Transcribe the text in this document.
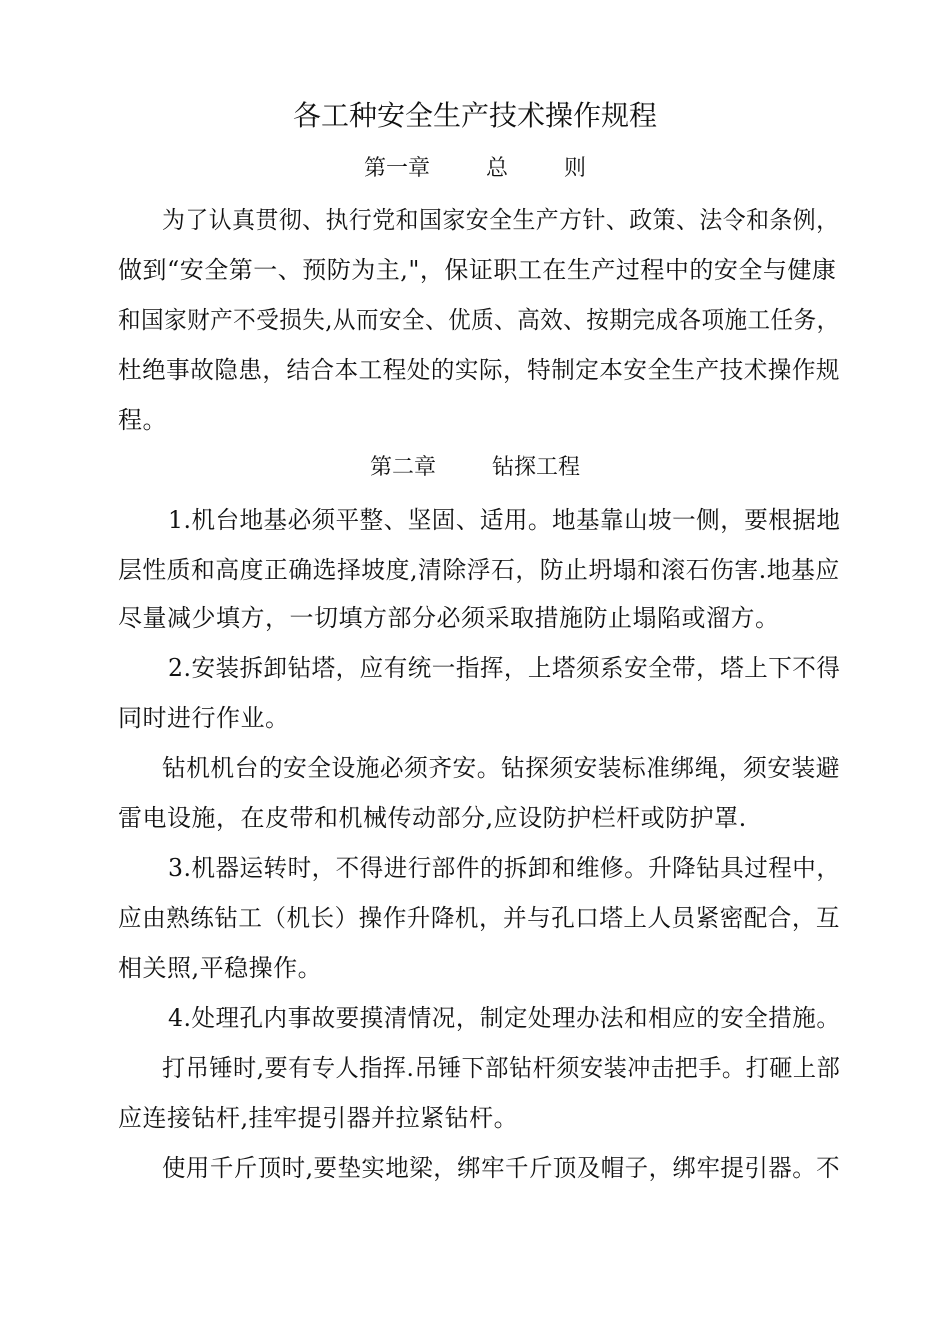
各工种安全生产技术操作规程
第一章        总        则
为了认真贯彻、执行党和国家安全生产方针、政策、法令和条例，
做到“安全第一、预防为主,"，保证职工在生产过程中的安全与健康
和国家财产不受损失,从而安全、优质、高效、按期完成各项施工任务，
杜绝事故隐患，结合本工程处的实际，特制定本安全生产技术操作规
程。
第二章        钻探工程
1.机台地基必须平整、坚固、适用。地基靠山坡一侧，要根据地
层性质和高度正确选择坡度,清除浮石，防止坍塌和滚石伤害.地基应
尽量减少填方，一切填方部分必须采取措施防止塌陷或溜方。
2.安装拆卸钻塔，应有统一指挥，上塔须系安全带，塔上下不得
同时进行作业。
钻机机台的安全设施必须齐安。钻探须安装标准绑绳，须安装避
雷电设施，在皮带和机械传动部分,应设防护栏杆或防护罩.
3.机器运转时，不得进行部件的拆卸和维修。升降钻具过程中，
应由熟练钻工（机长）操作升降机，并与孔口塔上人员紧密配合，互
相关照,平稳操作。
4.处理孔内事故要摸清情况，制定处理办法和相应的安全措施。
打吊锤时,要有专人指挥.吊锤下部钻杆须安装冲击把手。打砸上部
应连接钻杆,挂牢提引器并拉紧钻杆。
使用千斤顶时,要垫实地梁，绑牢千斤顶及帽子，绑牢提引器。不
